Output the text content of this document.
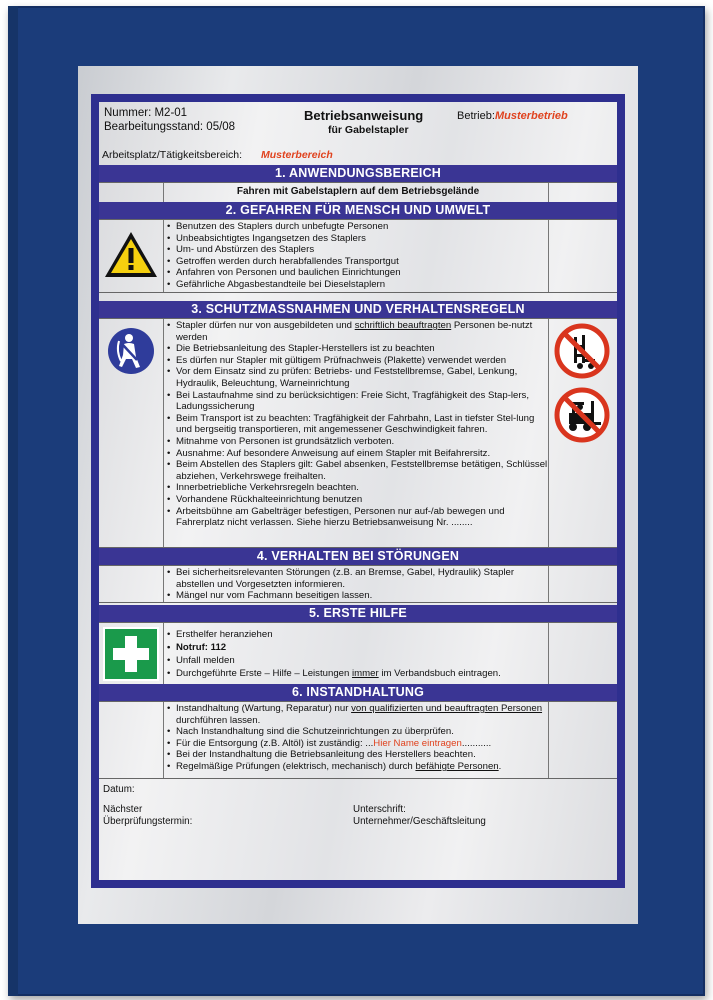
Nummer: M2-01
Bearbeitungsstand: 05/08
Betriebsanweisung
für Gabelstapler
Betrieb: Musterbetrieb
Arbeitsplatz/Tätigkeitsbereich: Musterbereich
1. ANWENDUNGSBEREICH
Fahren mit Gabelstaplern auf dem Betriebsgelände
2. GEFAHREN FÜR MENSCH UND UMWELT
• Benutzen des Staplers durch unbefugte Personen
• Unbeabsichtigtes Ingangsetzen des Staplers
• Um- und Abstürzen des Staplers
• Getroffen werden durch herabfallendes Transportgut
• Anfahren von Personen und baulichen Einrichtungen
• Gefährliche Abgasbestandteile bei Dieselstaplern
3. SCHUTZMASSNAHMEN UND VERHALTENSREGELN
• Stapler dürfen nur von ausgebildeten und schriftlich beauftragten Personen be-nutzt werden
• Die Betriebsanleitung des Stapler-Herstellers ist zu beachten
• Es dürfen nur Stapler mit gültigem Prüfnachweis (Plakette) verwendet werden
• Vor dem Einsatz sind zu prüfen: Betriebs- und Feststellbremse, Gabel, Lenkung, Hydraulik, Beleuchtung, Warneinrichtung
• Bei Lastaufnahme sind zu berücksichtigen: Freie Sicht, Tragfähigkeit des Stap-lers, Ladungssicherung
• Beim Transport ist zu beachten: Tragfähigkeit der Fahrbahn, Last in tiefster Stel-lung und bergseitig transportieren, mit angemessener Geschwindigkeit fahren.
• Mitnahme von Personen ist grundsätzlich verboten.
• Ausnahme: Auf besondere Anweisung auf einem Stapler mit Beifahrersitz.
• Beim Abstellen des Staplers gilt: Gabel absenken, Feststellbremse betätigen, Schlüssel abziehen, Verkehrswege freihalten.
• Innerbetriebliche Verkehrsregeln beachten.
• Vorhandene Rückhalteeinrichtung benutzen
• Arbeitsbühne am Gabelträger befestigen, Personen nur auf-/ab bewegen und Fahrerplatz nicht verlassen. Siehe hierzu Betriebsanweisung Nr. ........
4. VERHALTEN BEI STÖRUNGEN
• Bei sicherheitsrelevanten Störungen (z.B. an Bremse, Gabel, Hydraulik) Stapler abstellen und Vorgesetzten informieren.
• Mängel nur vom Fachmann beseitigen lassen.
5. ERSTE HILFE
• Ersthelfer heranziehen
• Notruf: 112
• Unfall melden
• Durchgeführte Erste – Hilfe – Leistungen immer im Verbandsbuch eintragen.
6. INSTANDHALTUNG
• Instandhaltung (Wartung, Reparatur) nur von qualifizierten und beauftragten Personen durchführen lassen.
• Nach Instandhaltung sind die Schutzeinrichtungen zu überprüfen.
• Für die Entsorgung (z.B. Altöl) ist zuständig: ...Hier Name eintragen...........
• Bei der Instandhaltung die Betriebsanleitung des Herstellers beachten.
• Regelmäßige Prüfungen (elektrisch, mechanisch) durch befähigte Personen.
Datum:
Nächster
Überprüfungstermin:
Unterschrift:
Unternehmer/Geschäftsleitung
